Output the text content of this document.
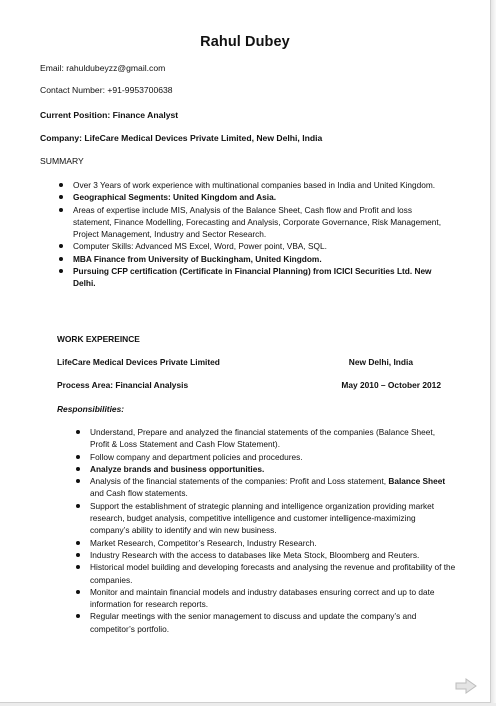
Rahul Dubey
Email: rahuldubeyzz@gmail.com
Contact Number: +91-9953700638
Current Position: Finance Analyst
Company: LifeCare Medical Devices Private Limited, New Delhi, India
SUMMARY
Over 3 Years of work experience with multinational companies based in India and United Kingdom.
Geographical Segments: United Kingdom and Asia.
Areas of expertise include MIS, Analysis of the Balance Sheet, Cash flow and Profit and loss statement, Finance Modelling, Forecasting and Analysis, Corporate Governance, Risk Management, Project Management, Industry and Sector Research.
Computer Skills: Advanced MS Excel, Word, Power point, VBA, SQL.
MBA Finance from University of Buckingham, United Kingdom.
Pursuing CFP certification (Certificate in Financial Planning) from ICICI Securities Ltd. New Delhi.
WORK EXPEREINCE
LifeCare Medical Devices Private Limited	New Delhi, India
Process Area: Financial Analysis	May 2010 – October 2012
Responsibilities:
Understand, Prepare and analyzed the financial statements of the companies (Balance Sheet, Profit & Loss Statement and Cash Flow Statement).
Follow company and department policies and procedures.
Analyze brands and business opportunities.
Analysis of the financial statements of the companies: Profit and Loss statement, Balance Sheet and Cash flow statements.
Support the establishment of strategic planning and intelligence organization providing market research, budget analysis, competitive intelligence and customer intelligence-maximizing company’s ability to identify and win new business.
Market Research, Competitor’s Research, Industry Research.
Industry Research with the access to databases like Meta Stock, Bloomberg and Reuters.
Historical model building and developing forecasts and analysing the revenue and profitability of the companies.
Monitor and maintain financial models and industry databases ensuring correct and up to date information for research reports.
Regular meetings with the senior management to discuss and update the company’s and competitor’s portfolio.
